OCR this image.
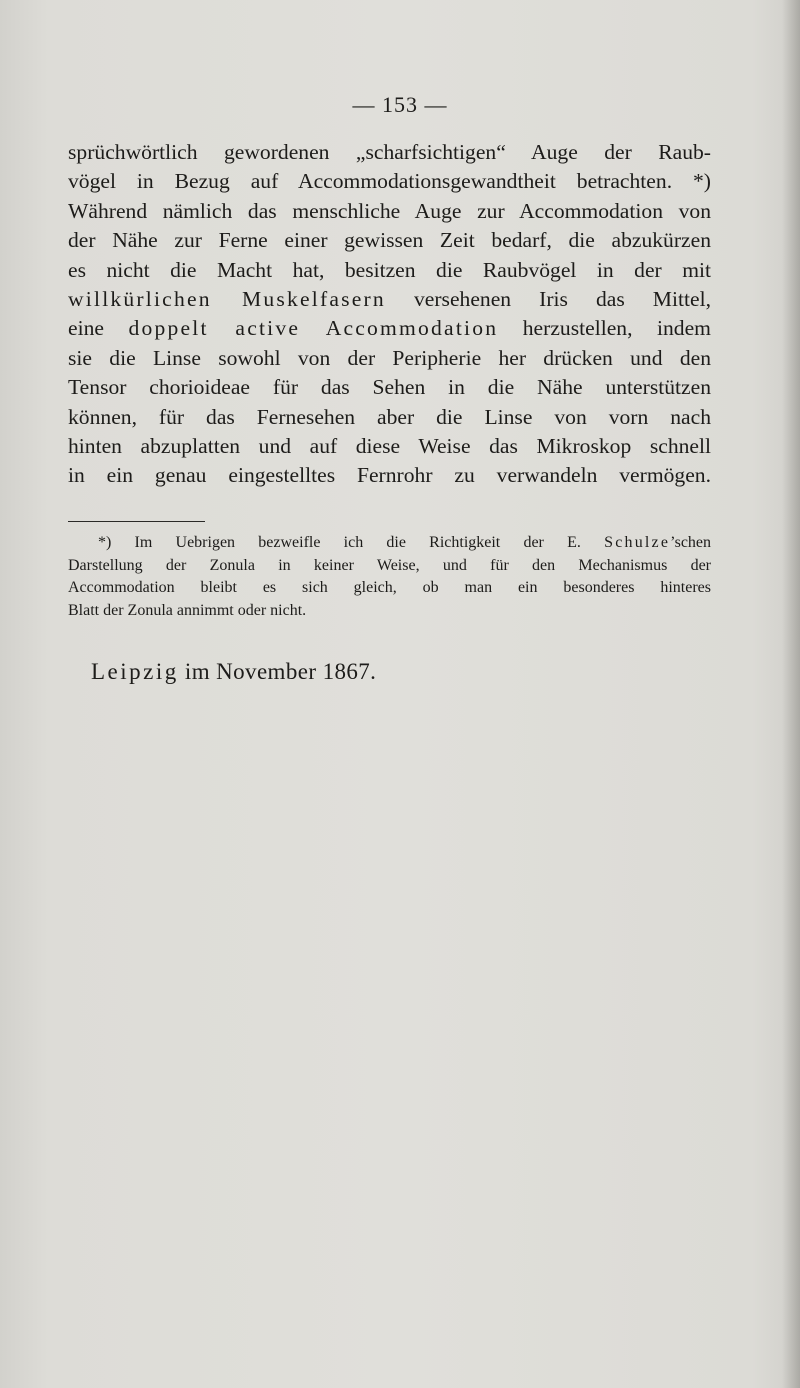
— 153 —
sprüchwörtlich gewordenen „scharfsichtigen“ Auge der Raub-
vögel in Bezug auf Accommodationsgewandtheit betrachten. *)
Während nämlich das menschliche Auge zur Accommodation von
der Nähe zur Ferne einer gewissen Zeit bedarf, die abzukürzen
es nicht die Macht hat, besitzen die Raubvögel in der mit
willkürlichen Muskelfasern versehenen Iris das Mittel,
eine doppelt active Accommodation herzustellen, indem
sie die Linse sowohl von der Peripherie her drücken und den
Tensor chorioideae für das Sehen in die Nähe unterstützen
können, für das Fernesehen aber die Linse von vorn nach
hinten abzuplatten und auf diese Weise das Mikroskop schnell
in ein genau eingestelltes Fernrohr zu verwandeln vermögen.
*) Im Uebrigen bezweifle ich die Richtigkeit der E. Schulze’schen
Darstellung der Zonula in keiner Weise, und für den Mechanismus der
Accommodation bleibt es sich gleich, ob man ein besonderes hinteres
Blatt der Zonula annimmt oder nicht.
Leipzig im November 1867.
